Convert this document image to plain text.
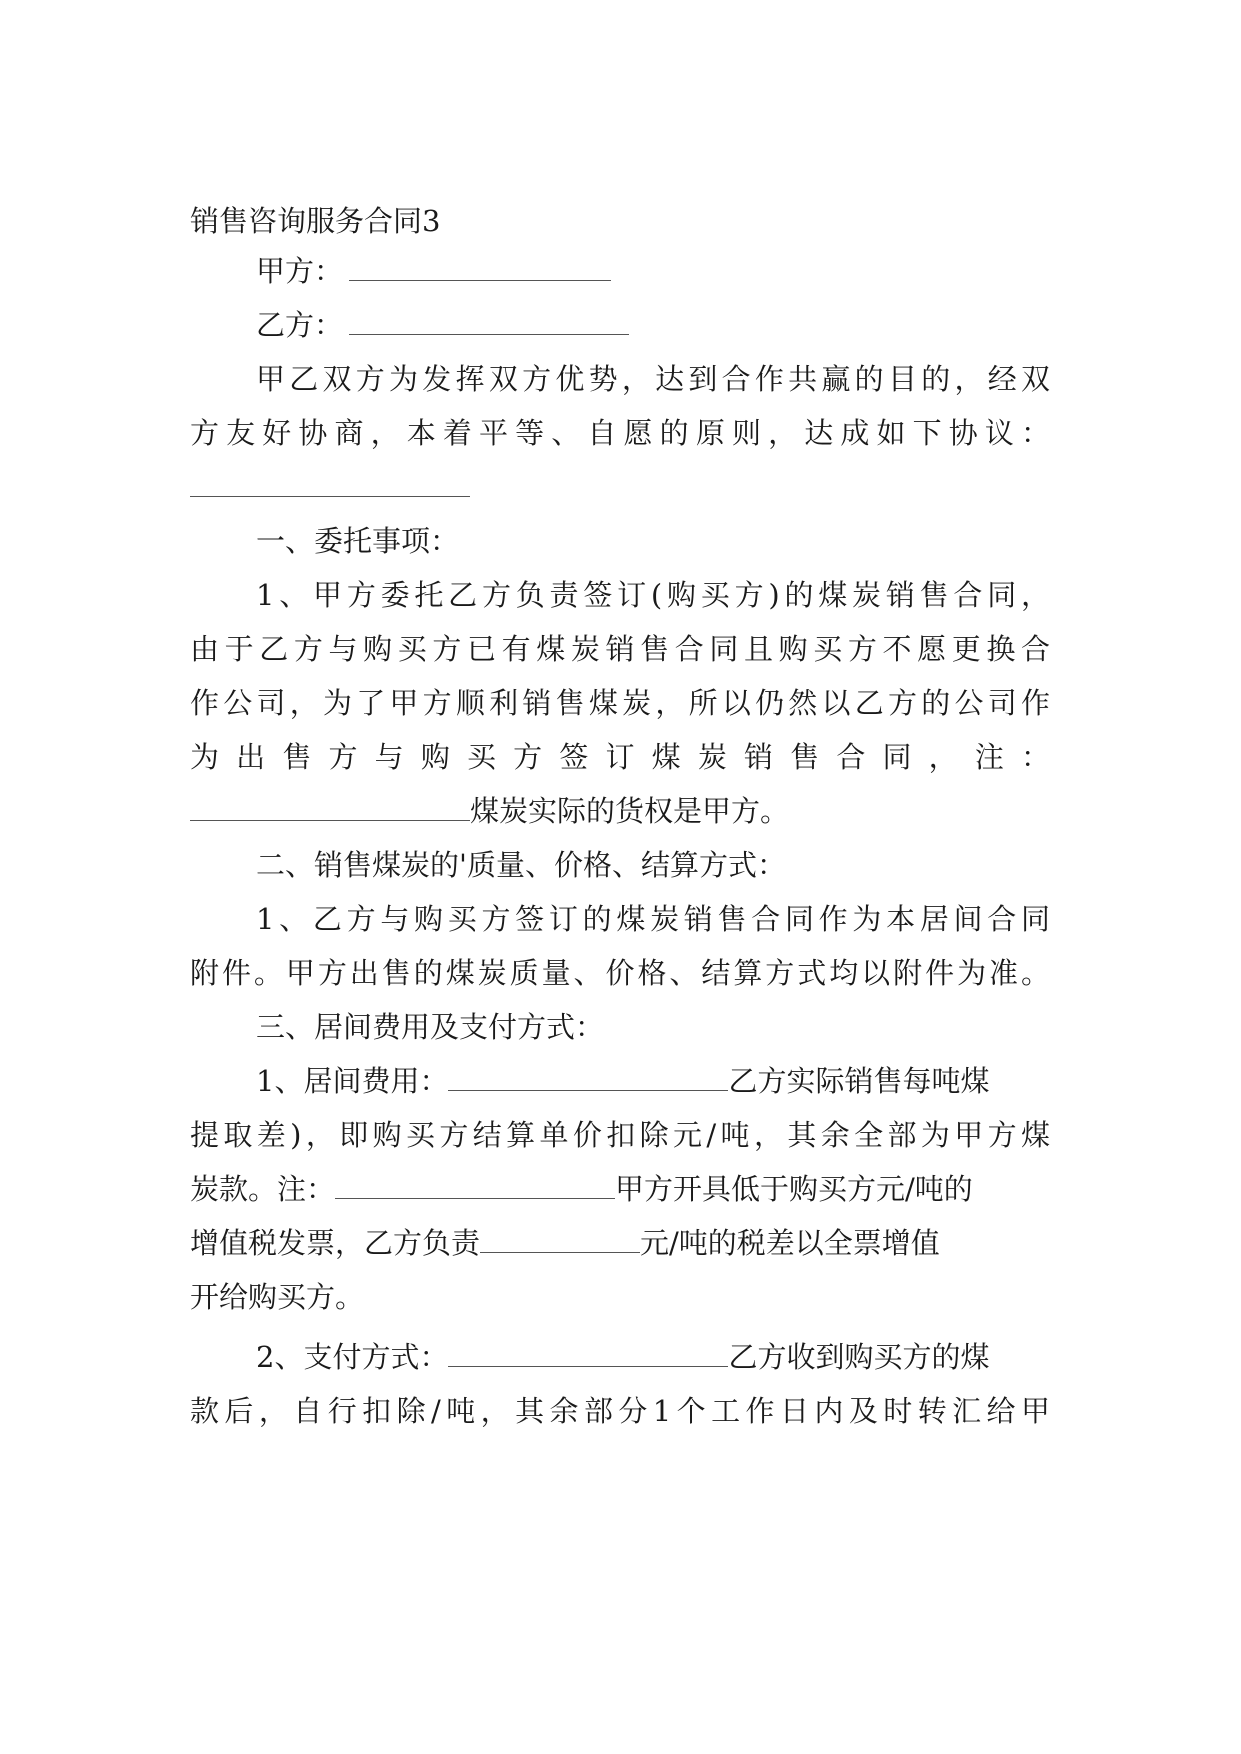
销售咨询服务合同3
甲方：
乙方：
甲乙双方为发挥双方优势，达到合作共赢的目的，经双
方友好协商，本着平等、自愿的原则，达成如下协议：
一、委托事项：
1、甲方委托乙方负责签订(购买方)的煤炭销售合同，
由于乙方与购买方已有煤炭销售合同且购买方不愿更换合
作公司，为了甲方顺利销售煤炭，所以仍然以乙方的公司作
为出售方与购买方签订煤炭销售合同，注：
煤炭实际的货权是甲方。
二、销售煤炭的'质量、价格、结算方式：
1、乙方与购买方签订的煤炭销售合同作为本居间合同
附件。甲方出售的煤炭质量、价格、结算方式均以附件为准。
三、居间费用及支付方式：
1、居间费用：	乙方实际销售每吨煤
提取差)，即购买方结算单价扣除元/吨，其余全部为甲方煤
炭款。注：	甲方开具低于购买方元/吨的
增值税发票，乙方负责	元/吨的税差以全票增值
开给购买方。
2、支付方式：	乙方收到购买方的煤
款后，自行扣除/吨，其余部分1个工作日内及时转汇给甲
